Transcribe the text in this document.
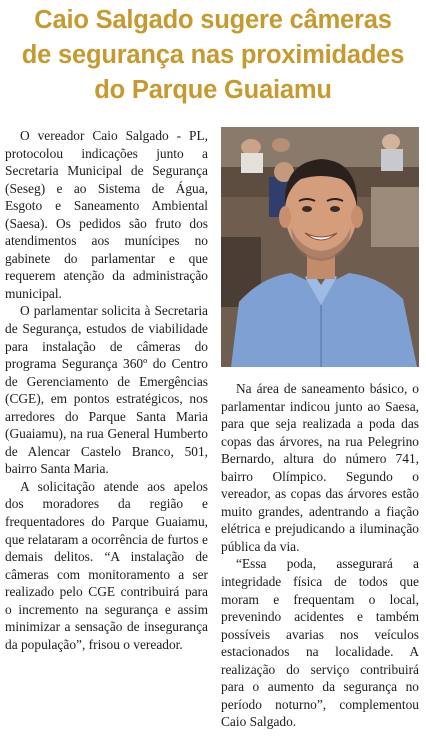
Caio Salgado sugere câmeras
de segurança nas proximidades
do Parque Guaiamu

O vereador Caio Salgado - PL, protocolou indicações junto a Secretaria Municipal de Segurança (Seseg) e ao Sistema de Água, Esgoto e Saneamento Ambiental (Saesa). Os pedidos são fruto dos atendimentos aos munícipes no gabinete do parlamentar e que requerem atenção da administração municipal.

O parlamentar solicita à Secretaria de Segurança, estudos de viabilidade para instalação de câmeras do programa Segurança 360º do Centro de Gerenciamento de Emergências (CGE), em pontos estratégicos, nos arredores do Parque Santa Maria (Guaiamu), na rua General Humberto de Alencar Castelo Branco, 501, bairro Santa Maria.

A solicitação atende aos apelos dos moradores da região e frequentadores do Parque Guaiamu, que relataram a ocorrência de furtos e demais delitos. “A instalação de câmeras com monitoramento a ser realizado pelo CGE contribuirá para o incremento na segurança e assim minimizar a sensação de insegurança da população”, frisou o vereador.

Na área de saneamento básico, o parlamentar indicou junto ao Saesa, para que seja realizada a poda das copas das árvores, na rua Pelegrino Bernardo, altura do número 741, bairro Olímpico. Segundo o vereador, as copas das árvores estão muito grandes, adentrando a fiação elétrica e prejudicando a iluminação pública da via.

“Essa poda, assegurará a integridade física de todos que moram e frequentam o local, prevenindo acidentes e também possíveis avarias nos veículos estacionados na localidade. A realização do serviço contribuirá para o aumento da segurança no período noturno”, complementou Caio Salgado.
